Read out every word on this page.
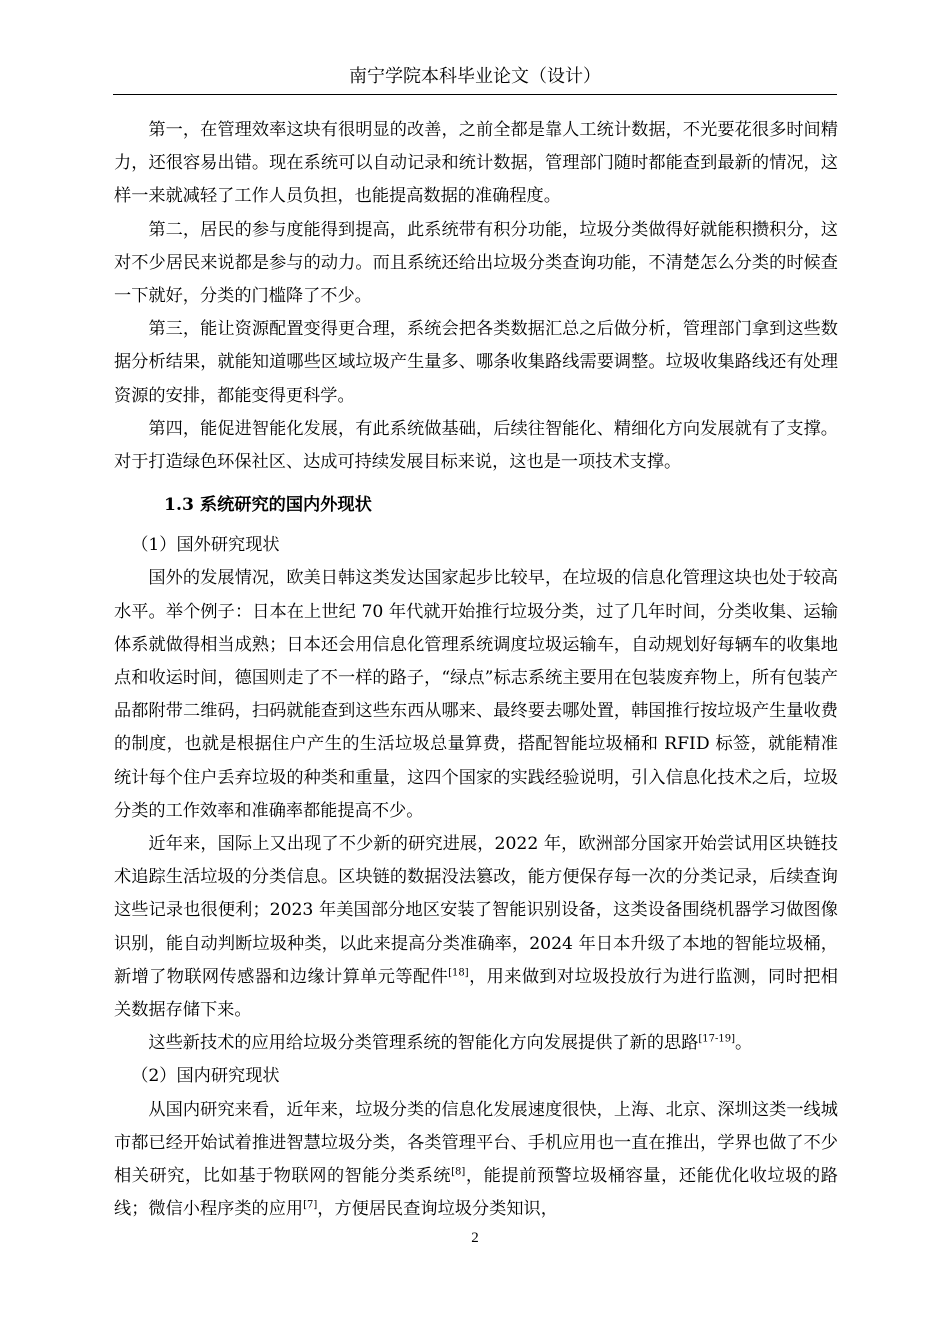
南宁学院本科毕业论文（设计）

第一，在管理效率这块有很明显的改善，之前全都是靠人工统计数据，不光要花很多时间精力，还很容易出错。现在系统可以自动记录和统计数据，管理部门随时都能查到最新的情况，这样一来就减轻了工作人员负担，也能提高数据的准确程度。

第二，居民的参与度能得到提高，此系统带有积分功能，垃圾分类做得好就能积攒积分，这对不少居民来说都是参与的动力。而且系统还给出垃圾分类查询功能，不清楚怎么分类的时候查一下就好，分类的门槛降了不少。

第三，能让资源配置变得更合理，系统会把各类数据汇总之后做分析，管理部门拿到这些数据分析结果，就能知道哪些区域垃圾产生量多、哪条收集路线需要调整。垃圾收集路线还有处理资源的安排，都能变得更科学。

第四，能促进智能化发展，有此系统做基础，后续往智能化、精细化方向发展就有了支撑。对于打造绿色环保社区、达成可持续发展目标来说，这也是一项技术支撑。

1.3 系统研究的国内外现状

（1）国外研究现状

国外的发展情况，欧美日韩这类发达国家起步比较早，在垃圾的信息化管理这块也处于较高水平。举个例子：日本在上世纪 70 年代就开始推行垃圾分类，过了几年时间，分类收集、运输体系就做得相当成熟；日本还会用信息化管理系统调度垃圾运输车，自动规划好每辆车的收集地点和收运时间，德国则走了不一样的路子，“绿点”标志系统主要用在包装废弃物上，所有包装产品都附带二维码，扫码就能查到这些东西从哪来、最终要去哪处置，韩国推行按垃圾产生量收费的制度，也就是根据住户产生的生活垃圾总量算费，搭配智能垃圾桶和 RFID 标签，就能精准统计每个住户丢弃垃圾的种类和重量，这四个国家的实践经验说明，引入信息化技术之后，垃圾分类的工作效率和准确率都能提高不少。

近年来，国际上又出现了不少新的研究进展，2022 年，欧洲部分国家开始尝试用区块链技术追踪生活垃圾的分类信息。区块链的数据没法篡改，能方便保存每一次的分类记录，后续查询这些记录也很便利；2023 年美国部分地区安装了智能识别设备，这类设备围绕机器学习做图像识别，能自动判断垃圾种类，以此来提高分类准确率，2024 年日本升级了本地的智能垃圾桶，新增了物联网传感器和边缘计算单元等配件[18]，用来做到对垃圾投放行为进行监测，同时把相关数据存储下来。

这些新技术的应用给垃圾分类管理系统的智能化方向发展提供了新的思路[17-19]。

（2）国内研究现状

从国内研究来看，近年来，垃圾分类的信息化发展速度很快，上海、北京、深圳这类一线城市都已经开始试着推进智慧垃圾分类，各类管理平台、手机应用也一直在推出，学界也做了不少相关研究，比如基于物联网的智能分类系统[8]，能提前预警垃圾桶容量，还能优化收垃圾的路线；微信小程序类的应用[7]，方便居民查询垃圾分类知识，

2
